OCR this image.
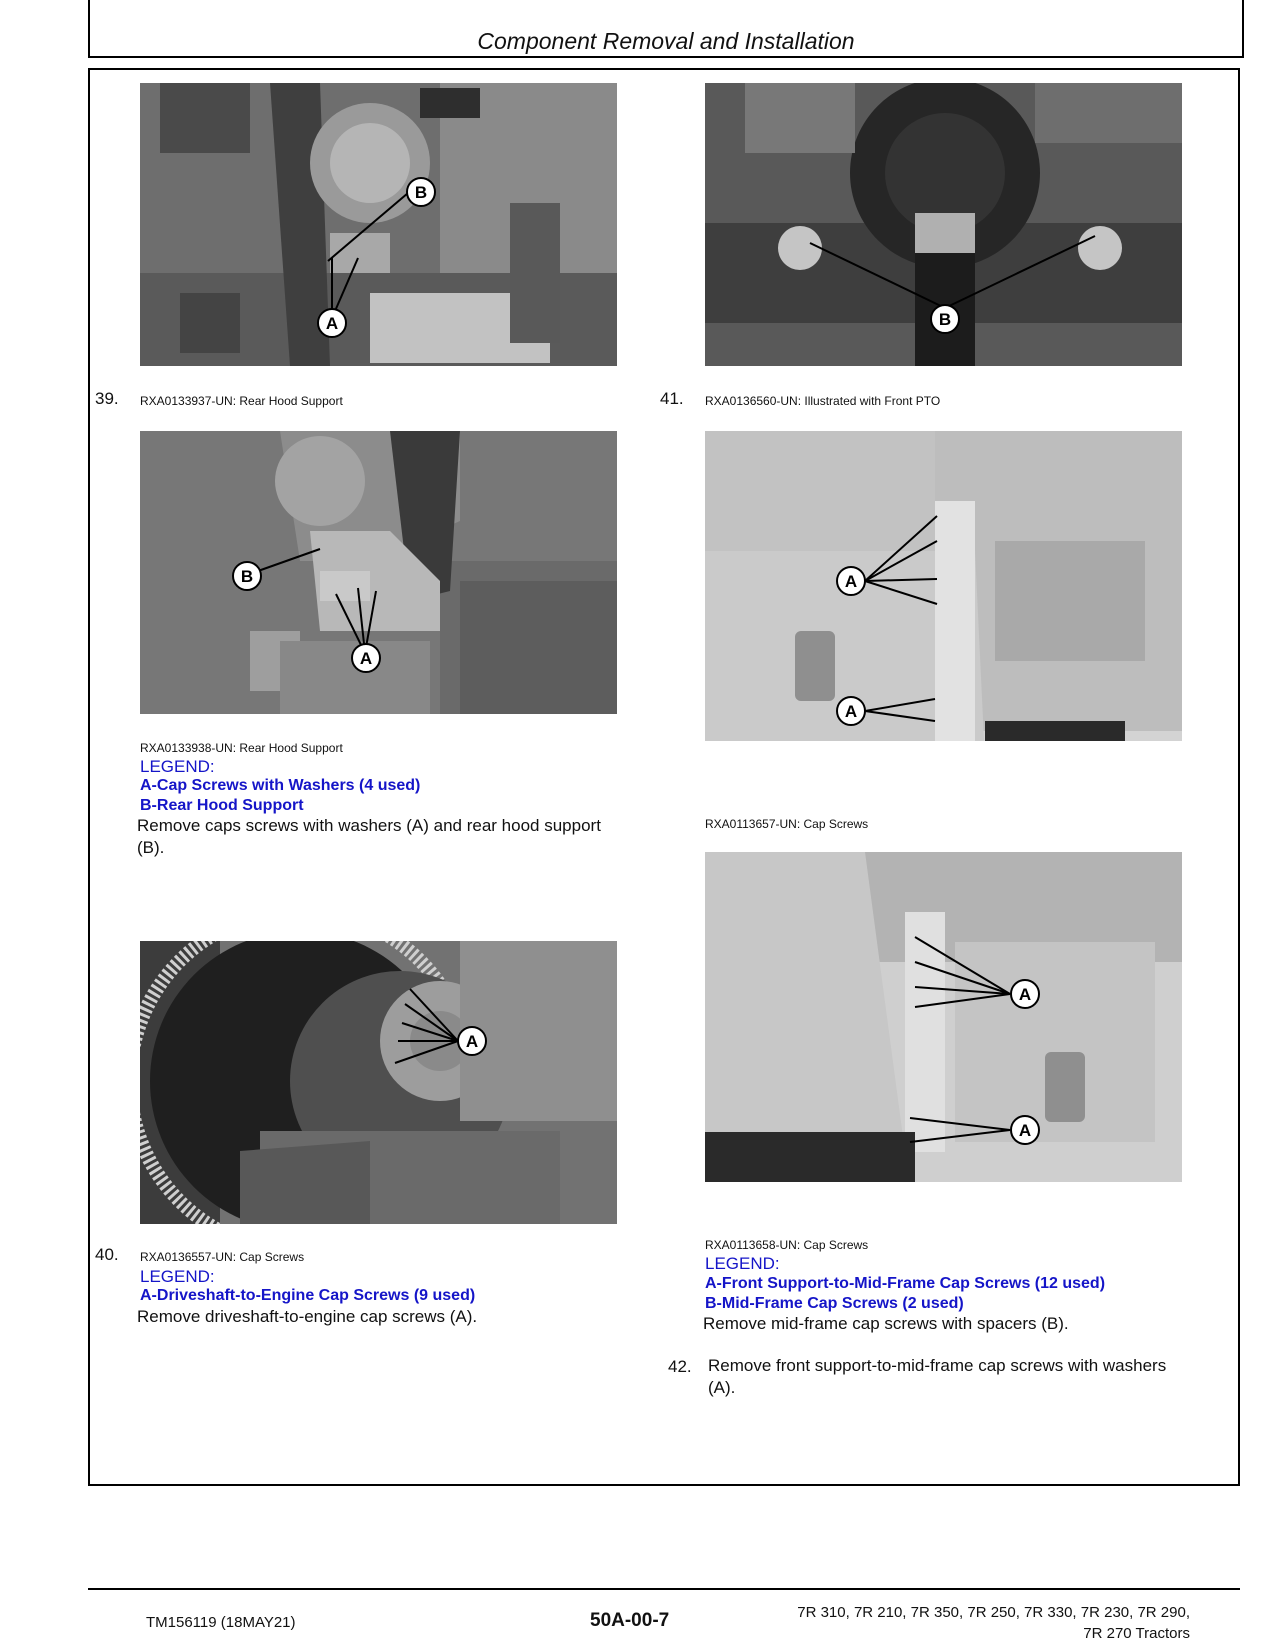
Component Removal and Installation
B
A
39. RXA0133937-UN: Rear Hood Support
B
A
RXA0133938-UN: Rear Hood Support
LEGEND:
A-Cap Screws with Washers (4 used)
B-Rear Hood Support
Remove caps screws with washers (A) and rear hood support
(B).
A
40. RXA0136557-UN: Cap Screws
LEGEND:
A-Driveshaft-to-Engine Cap Screws (9 used)
Remove driveshaft-to-engine cap screws (A).
B
41. RXA0136560-UN: Illustrated with Front PTO
A
A
RXA0113657-UN: Cap Screws
A
A
RXA0113658-UN: Cap Screws
LEGEND:
A-Front Support-to-Mid-Frame Cap Screws (12 used)
B-Mid-Frame Cap Screws (2 used)
Remove mid-frame cap screws with spacers (B).
42. Remove front support-to-mid-frame cap screws with washers
(A).
TM156119 (18MAY21)	50A-00-7	7R 310, 7R 210, 7R 350, 7R 250, 7R 330, 7R 230, 7R 290,
7R 270 Tractors
